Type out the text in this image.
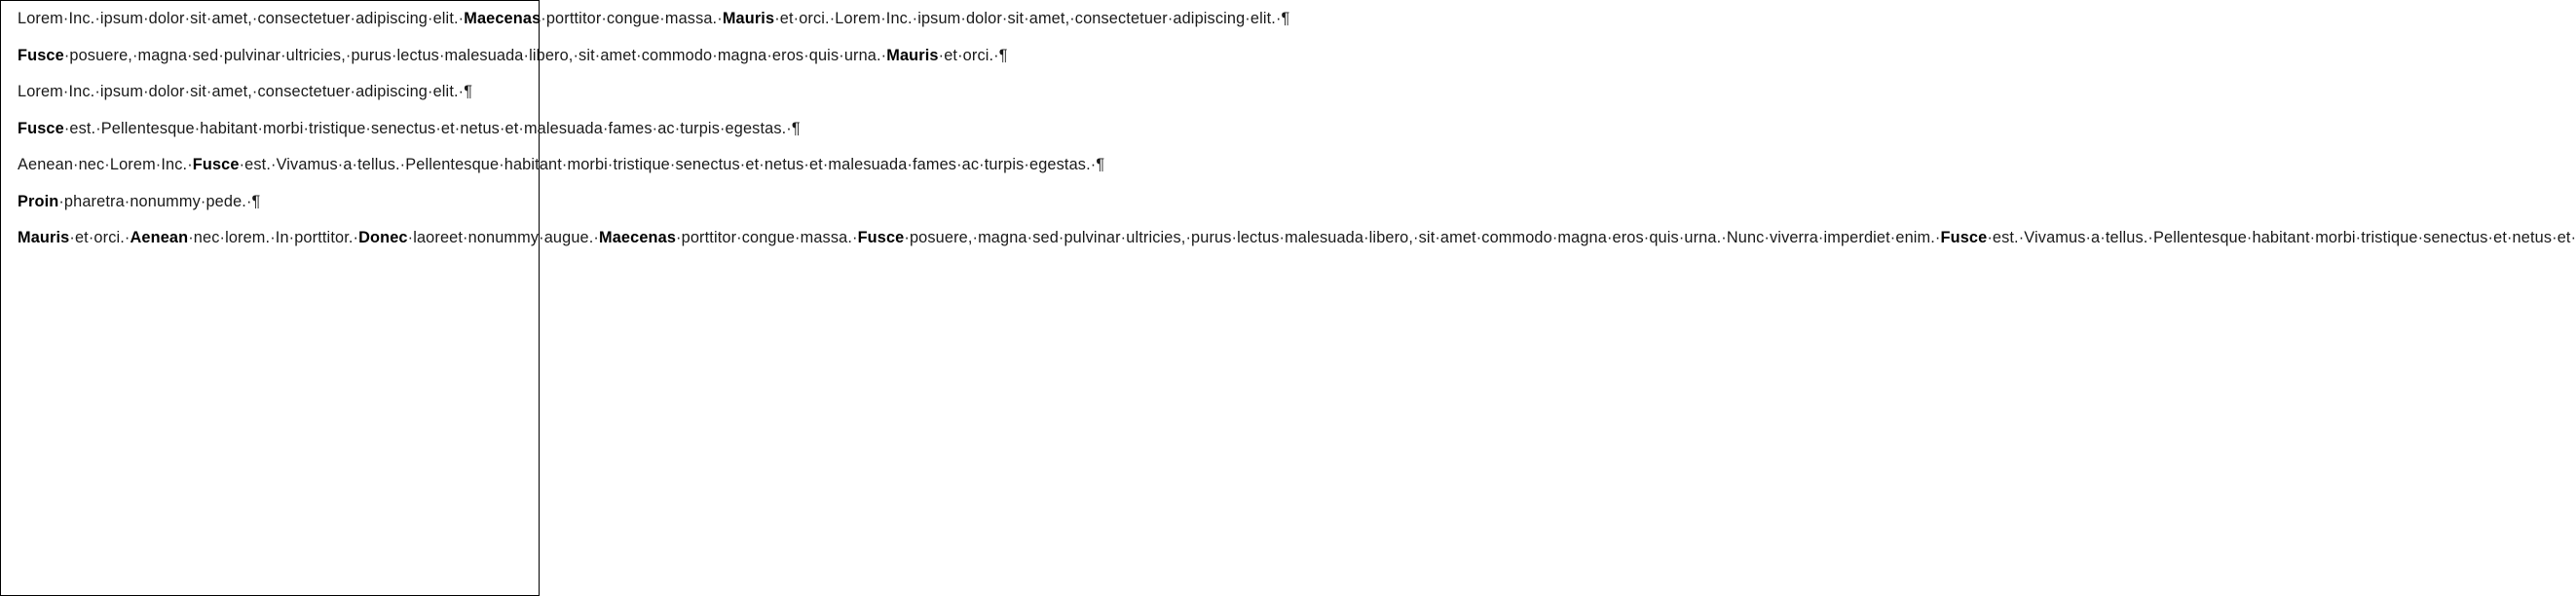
Lorem·Inc.·ipsum·dolor·sit·amet,·consectetuer·adipiscing·elit.·Maecenas·porttitor·congue·massa.·Mauris·et·orci.·Lorem·Inc.·ipsum·dolor·sit·amet,·consectetuer·adipiscing·elit.·¶

Fusce·posuere,·magna·sed·pulvinar·ultricies,·purus·lectus·malesuada·libero,·sit·amet·commodo·magna·eros·quis·urna.·Mauris·et·orci.·¶

Lorem·Inc.·ipsum·dolor·sit·amet,·consectetuer·adipiscing·elit.·¶

Fusce·est.·Pellentesque·habitant·morbi·tristique·senectus·et·netus·et·malesuada·fames·ac·turpis·egestas.·¶

Aenean·nec·Lorem·Inc.·Fusce·est.·Vivamus·a·tellus.·Pellentesque·habitant·morbi·tristique·senectus·et·netus·et·malesuada·fames·ac·turpis·egestas.·¶

Proin·pharetra·nonummy·pede.·¶

Mauris·et·orci.·Aenean·nec·lorem.·In·porttitor.·Donec·laoreet·nonummy·augue.·Maecenas·porttitor·congue·massa.·Fusce·posuere,·magna·sed·pulvinar·ultricies,·purus·lectus·malesuada·libero,·sit·amet·commodo·magna·eros·quis·urna.·Nunc·viverra·imperdiet·enim.·Fusce·est.·Vivamus·a·tellus.·Pellentesque·habitant·morbi·tristique·senectus·et·netus·et·
